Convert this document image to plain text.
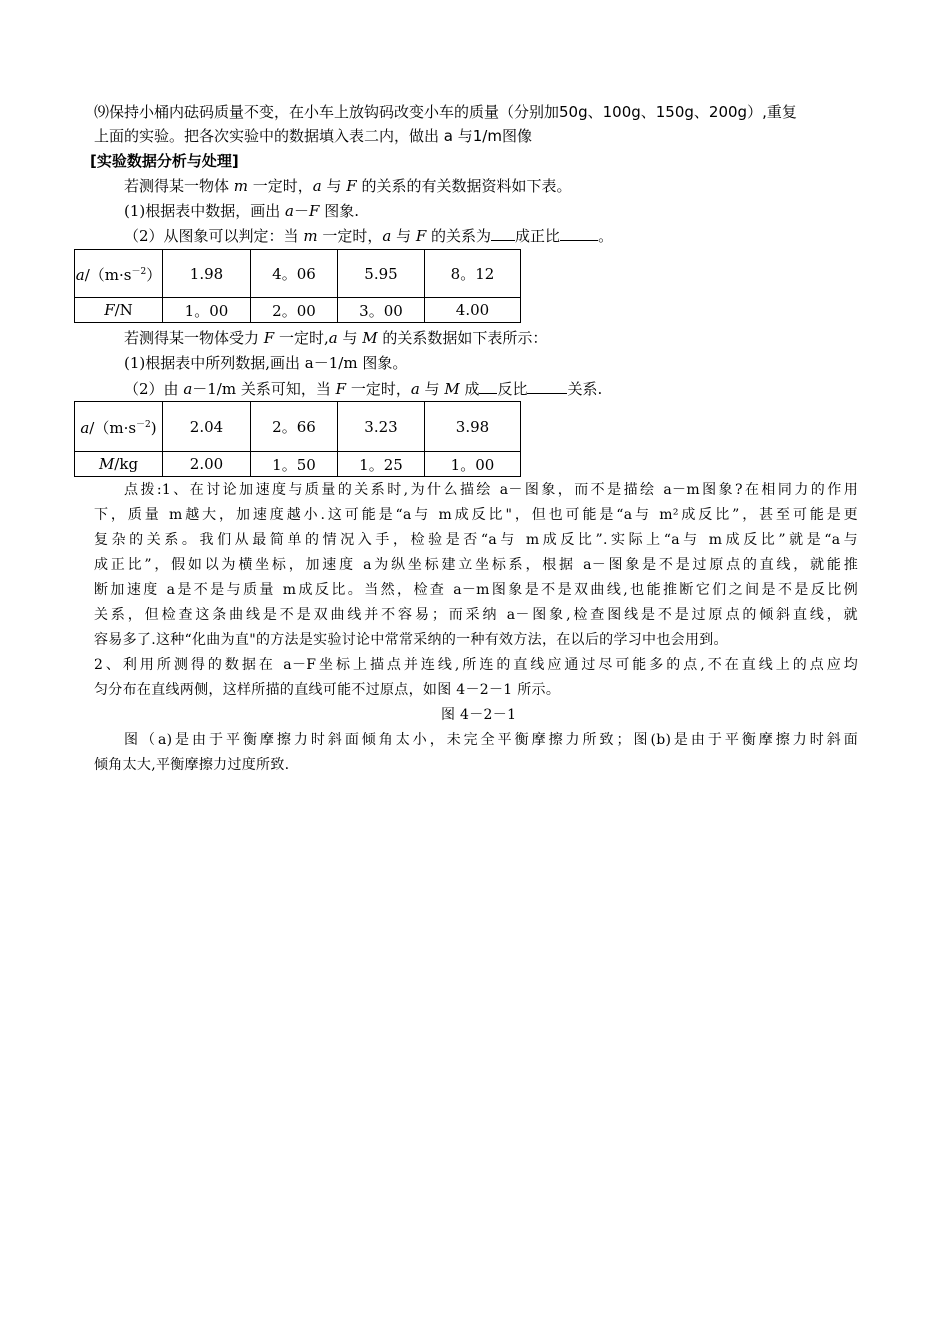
⑼保持小桶内砝码质量不变，在小车上放钩码改变小车的质量（分别加50g、100g、150g、200g）,重复
上面的实验。把各次实验中的数据填入表二内，做出 a 与1/m图像
[实验数据分析与处理]
若测得某一物体 m 一定时，a 与 F 的关系的有关数据资料如下表。
(1)根据表中数据，画出 a－F 图象.
（2）从图象可以判定：当 m 一定时，a 与 F 的关系为 成正比	。
$a/(m\cdot s^{-2})$	1.98	4。06	5.95	8。12
F/N	1。00	2。00	3。00	4.00
若测得某一物体受力 F 一定时,a 与 M 的关系数据如下表所示：
(1)根据表中所列数据,画出 a－1/m 图象。
（2）由 a－1/m 关系可知，当 F 一定时，a 与 M 成 反比	关系.
$a/(m\cdot s^{-2})$	2.04	2。66	3.23	3.98
M/kg	2.00	1。50	1。25	1。00
点拨:1、在讨论加速度与质量的关系时,为什么描绘 a－图象，而不是描绘 a－m图象?在相同力的作用
下，质量 m越大，加速度越小.这可能是“a与 m成反比"，但也可能是“a与 m²成反比”，甚至可能是更
复杂的关系。我们从最简单的情况入手，检验是否“a与 m成反比”.实际上“a与 m成反比”就是“a与
成正比”，假如以为横坐标，加速度 a为纵坐标建立坐标系，根据 a－图象是不是过原点的直线，就能推
断加速度 a是不是与质量 m成反比。当然，检查 a－m图象是不是双曲线,也能推断它们之间是不是反比例
关系，但检查这条曲线是不是双曲线并不容易；而采纳 a－图象,检查图线是不是过原点的倾斜直线，就
容易多了.这种“化曲为直"的方法是实验讨论中常常采纳的一种有效方法，在以后的学习中也会用到。
2、利用所测得的数据在 a－F坐标上描点并连线,所连的直线应通过尽可能多的点,不在直线上的点应均
匀分布在直线两侧，这样所描的直线可能不过原点，如图 4－2－1 所示。
图 4－2－1
图（a)是由于平衡摩擦力时斜面倾角太小，未完全平衡摩擦力所致；图(b)是由于平衡摩擦力时斜面
倾角太大,平衡摩擦力过度所致.
